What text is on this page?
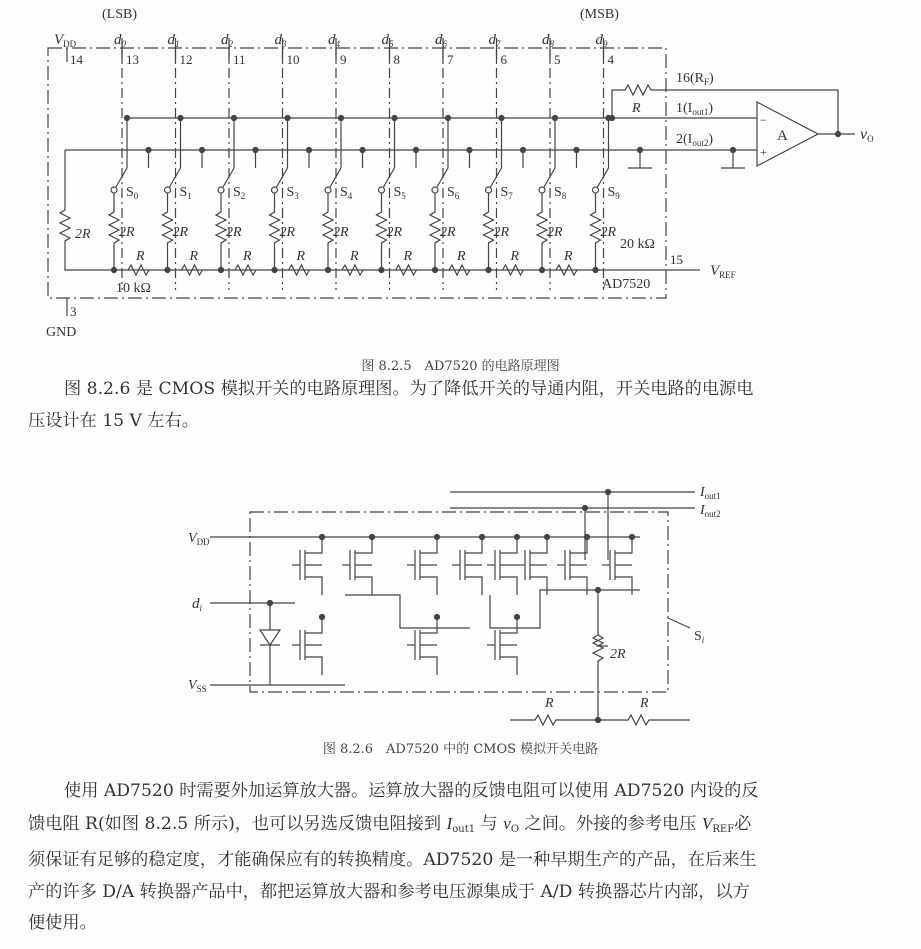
(LSB)	(MSB)
$V_{DD}$
14
3
GND
$d_0$
13
$S_0$
2R
R
$d_1$
12
$S_1$
2R
R
$d_2$
11
$S_2$
2R
R
$d_3$
10
$S_3$
2R
R
$d_4$
9
$S_4$
2R
R
$d_5$
8
$S_5$
2R
R
$d_6$
7
$S_6$
2R
R
$d_7$
6
$S_7$
2R
R
$d_8$
5
$S_8$
2R
R
$d_9$
4
$S_9$
2R
2R
R
$16(R_F)$
$1(I_{out1})$
$2(I_{out2})$	A
−
+
vO
15
$V_{REF}$
AD7520
10 kΩ
20 kΩ
图 8.2.5　AD7520 的电路原理图
图 8.2.6 是 CMOS 模拟开关的电路原理图。为了降低开关的导通内阻，开关电路的电源电
压设计在 15 V 左右。
$I_{out1}$
$I_{out2}$
$V_{DD}$
$V_{SS}$
$d_i$
2R
R	R
$S_i$
图 8.2.6　AD7520 中的 CMOS 模拟开关电路
使用 AD7520 时需要外加运算放大器。运算放大器的反馈电阻可以使用 AD7520 内设的反
馈电阻 R(如图 8.2.5 所示)，也可以另选反馈电阻接到 $I_{out1}$ 与 $v_O$ 之间。外接的参考电压 $V_{REF}$必
须保证有足够的稳定度，才能确保应有的转换精度。AD7520 是一种早期生产的产品，在后来生
产的许多 D/A 转换器产品中，都把运算放大器和参考电压源集成于 A/D 转换器芯片内部，以方
便使用。
